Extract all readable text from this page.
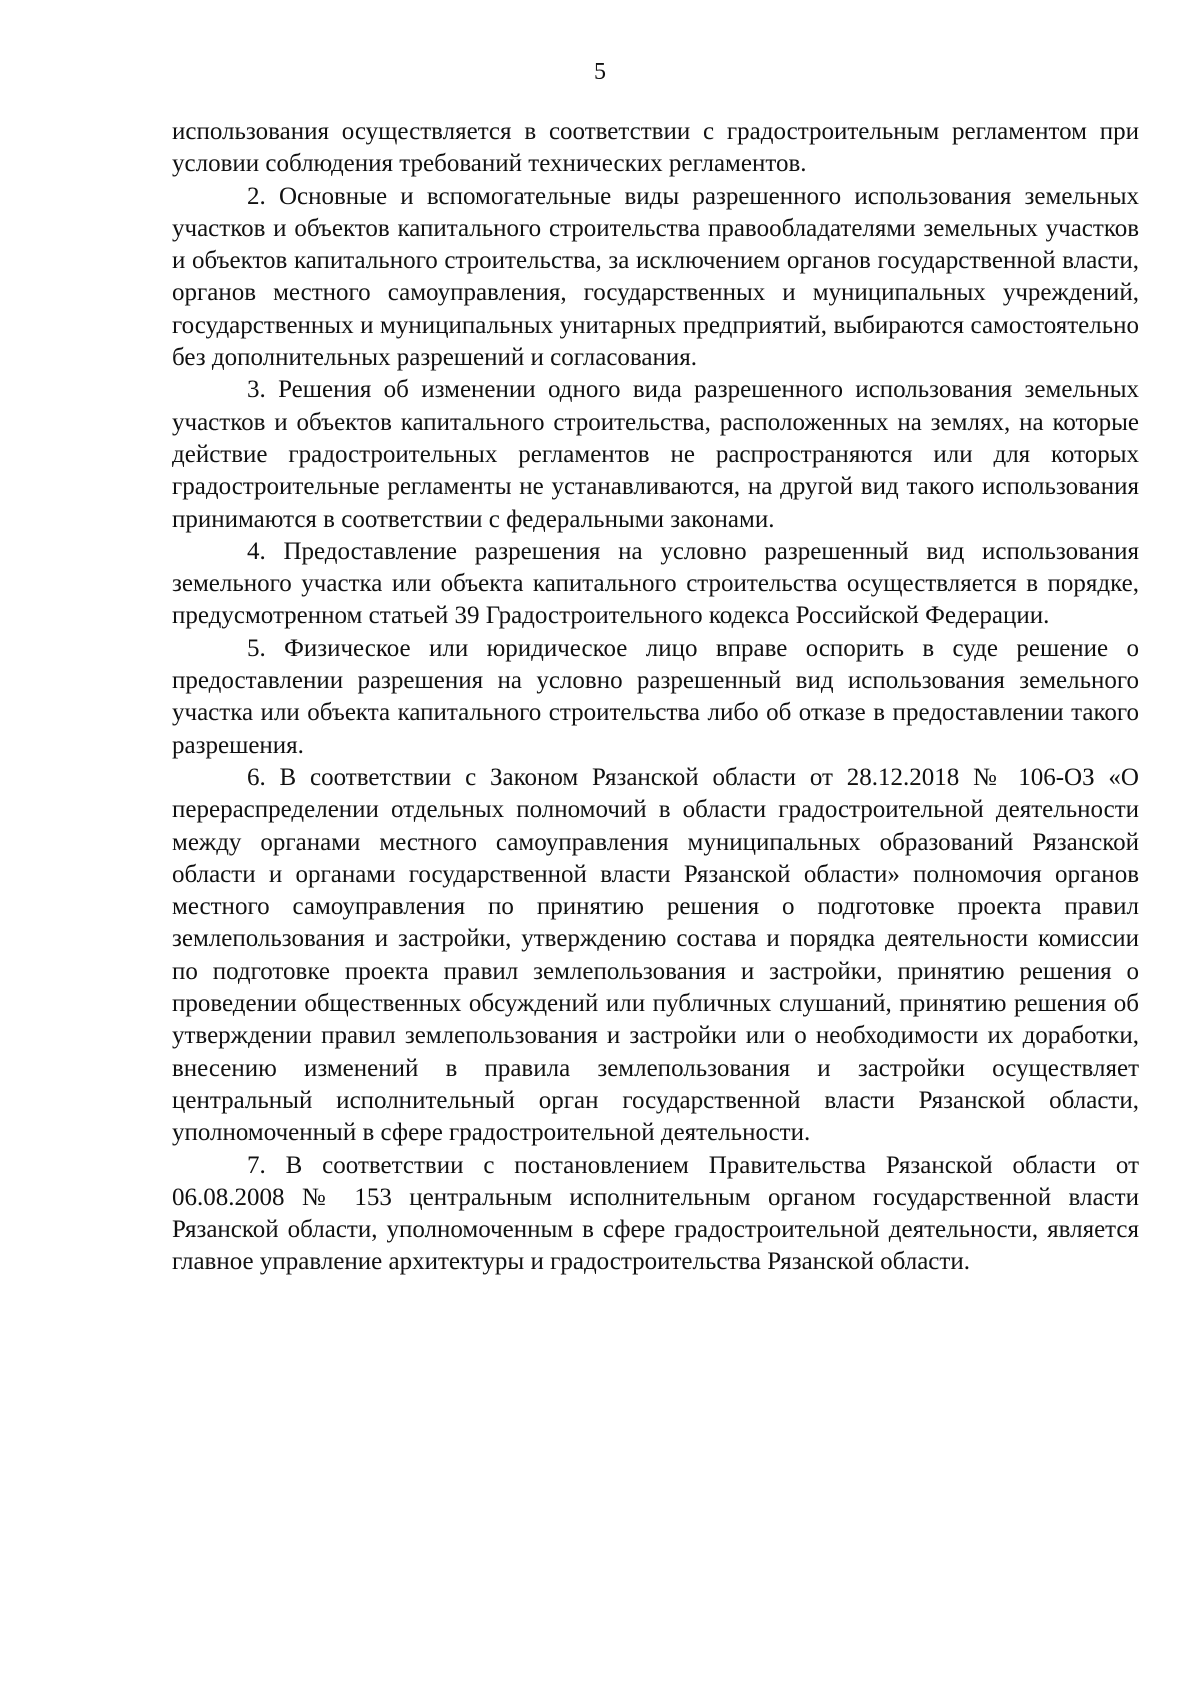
5

использования осуществляется в соответствии с градостроительным регламентом при условии соблюдения требований технических регламентов.

2. Основные и вспомогательные виды разрешенного использования земельных участков и объектов капитального строительства правообладателями земельных участков и объектов капитального строительства, за исключением органов государственной власти, органов местного самоуправления, государственных и муниципальных учреждений, государственных и муниципальных унитарных предприятий, выбираются самостоятельно без дополнительных разрешений и согласования.

3. Решения об изменении одного вида разрешенного использования земельных участков и объектов капитального строительства, расположенных на землях, на которые действие градостроительных регламентов не распространяются или для которых градостроительные регламенты не устанавливаются, на другой вид такого использования принимаются в соответствии с федеральными законами.

4. Предоставление разрешения на условно разрешенный вид использования земельного участка или объекта капитального строительства осуществляется в порядке, предусмотренном статьей 39 Градостроительного кодекса Российской Федерации.

5. Физическое или юридическое лицо вправе оспорить в суде решение о предоставлении разрешения на условно разрешенный вид использования земельного участка или объекта капитального строительства либо об отказе в предоставлении такого разрешения.

6. В соответствии с Законом Рязанской области от 28.12.2018 № 106-ОЗ «О перераспределении отдельных полномочий в области градостроительной деятельности между органами местного самоуправления муниципальных образований Рязанской области и органами государственной власти Рязанской области» полномочия органов местного самоуправления по принятию решения о подготовке проекта правил землепользования и застройки, утверждению состава и порядка деятельности комиссии по подготовке проекта правил землепользования и застройки, принятию решения о проведении общественных обсуждений или публичных слушаний, принятию решения об утверждении правил землепользования и застройки или о необходимости их доработки, внесению изменений в правила землепользования и застройки осуществляет центральный исполнительный орган государственной власти Рязанской области, уполномоченный в сфере градостроительной деятельности.

7. В соответствии с постановлением Правительства Рязанской области от 06.08.2008 № 153 центральным исполнительным органом государственной власти Рязанской области, уполномоченным в сфере градостроительной деятельности, является главное управление архитектуры и градостроительства Рязанской области.
